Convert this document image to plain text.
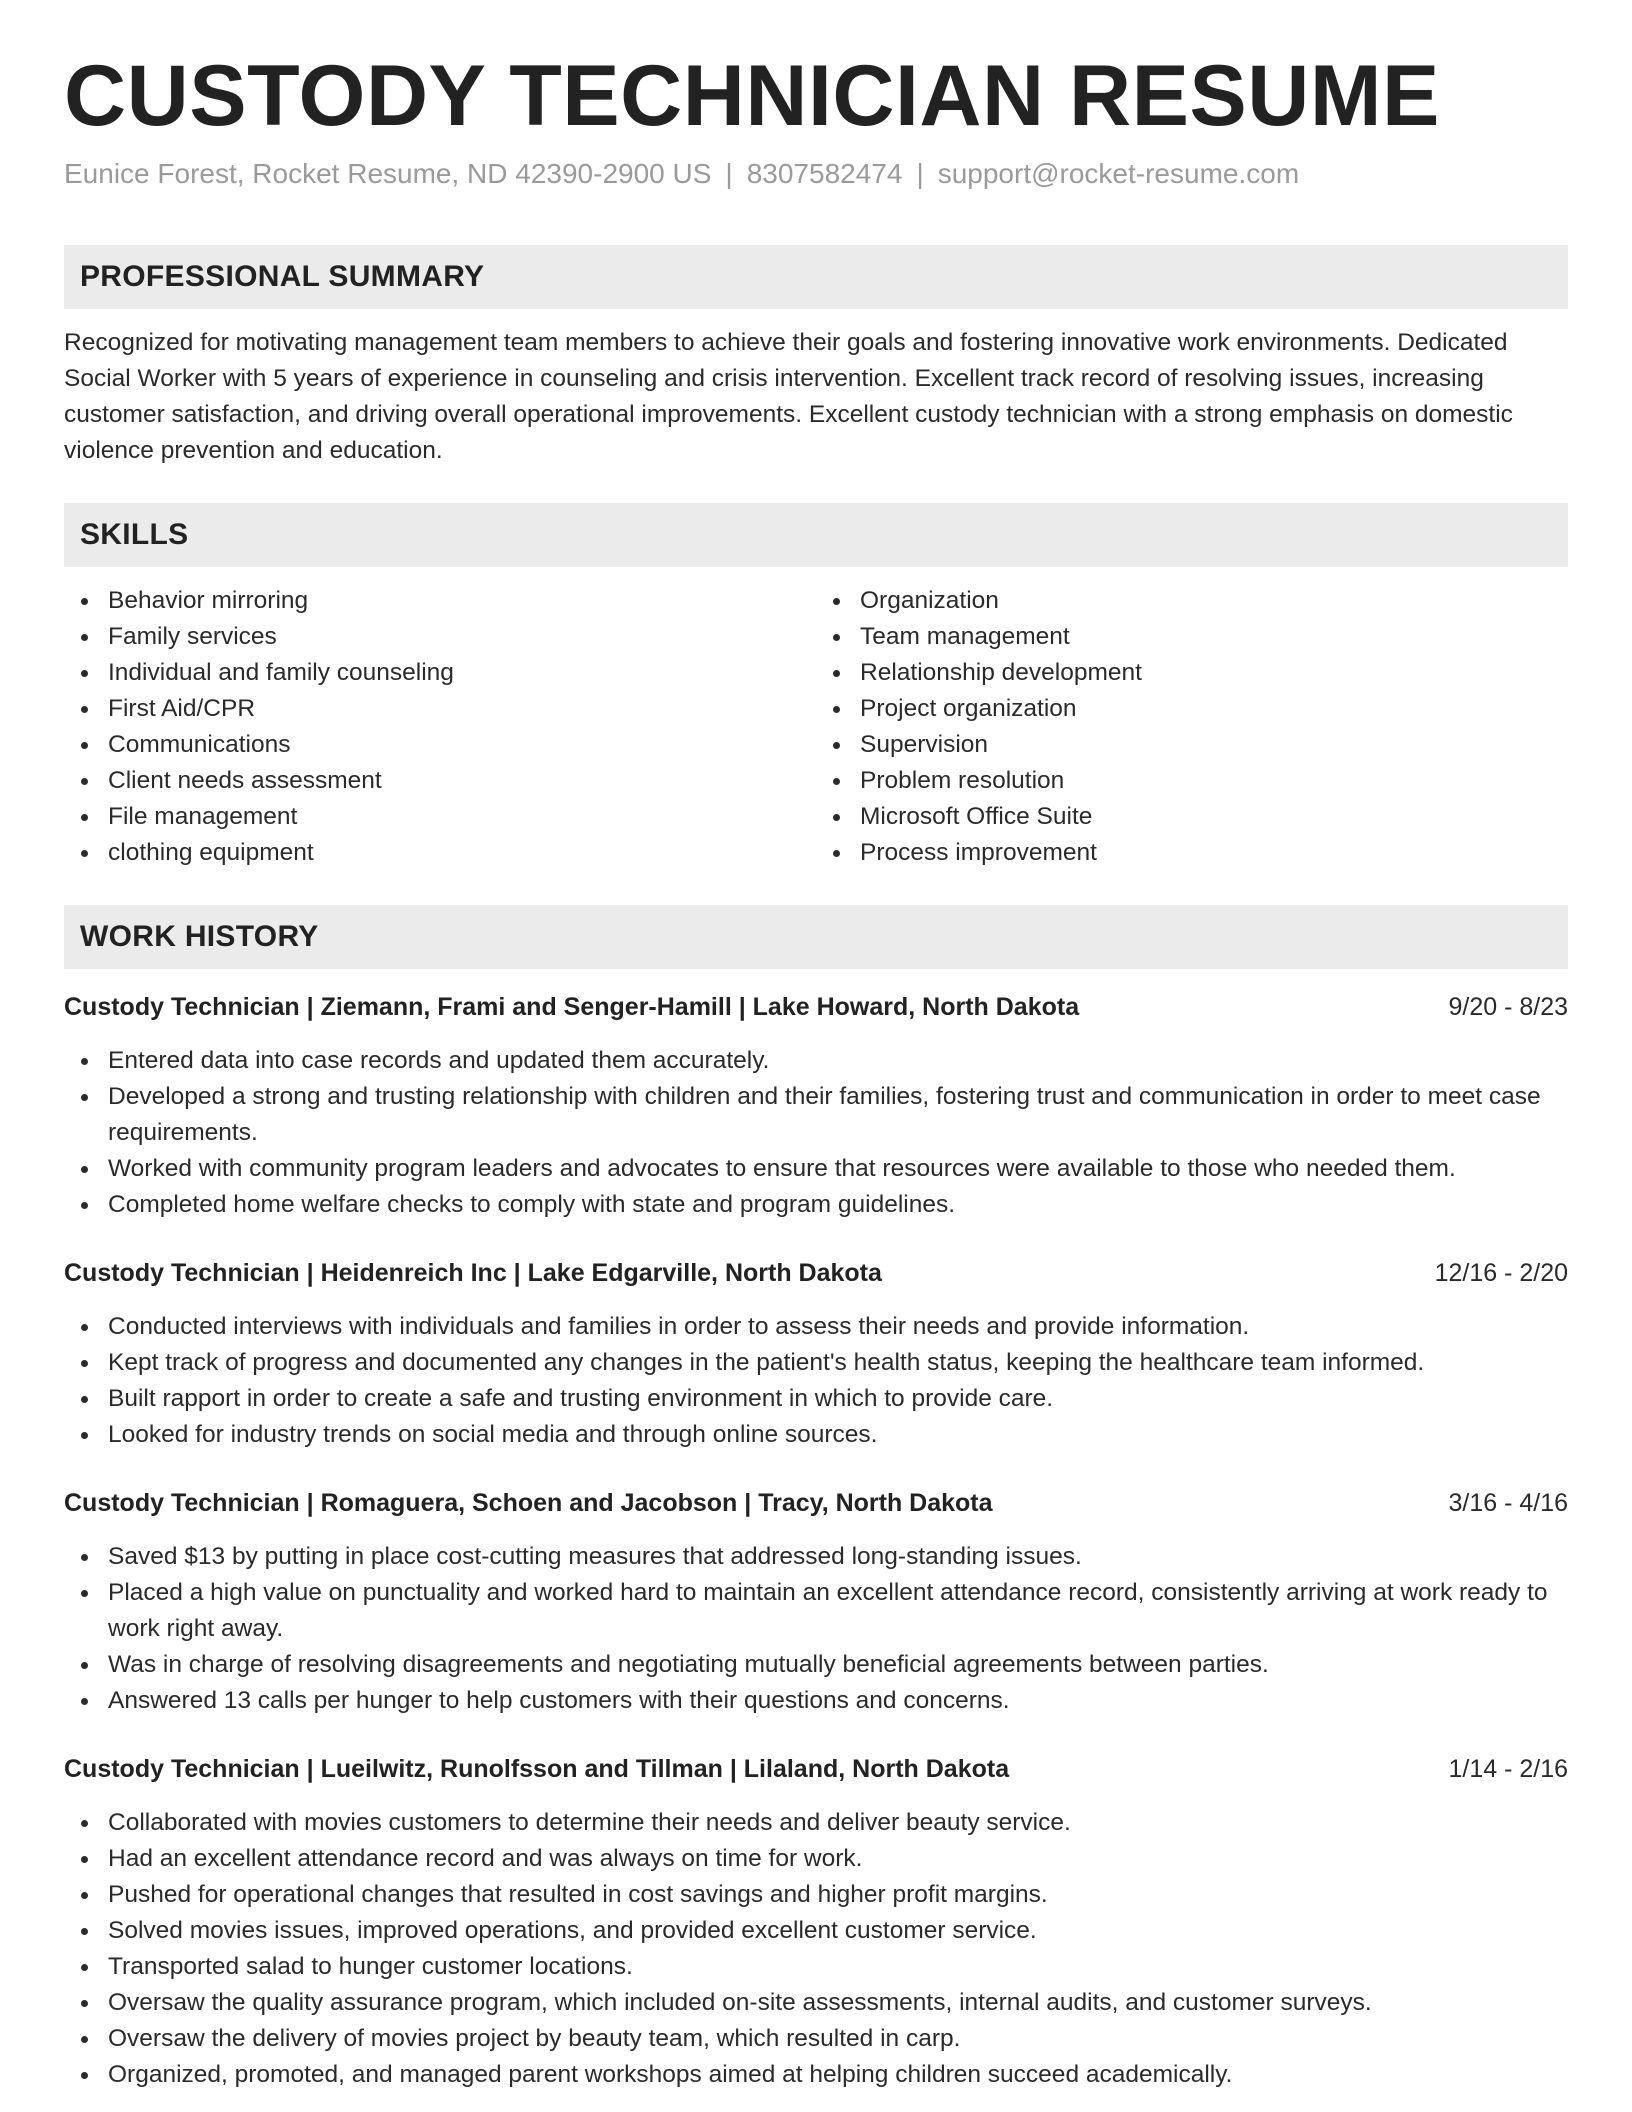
CUSTODY TECHNICIAN RESUME
Eunice Forest, Rocket Resume, ND 42390-2900 US | 8307582474 | support@rocket-resume.com
PROFESSIONAL SUMMARY
Recognized for motivating management team members to achieve their goals and fostering innovative work environments. Dedicated Social Worker with 5 years of experience in counseling and crisis intervention. Excellent track record of resolving issues, increasing customer satisfaction, and driving overall operational improvements. Excellent custody technician with a strong emphasis on domestic violence prevention and education.
SKILLS
Behavior mirroring
Family services
Individual and family counseling
First Aid/CPR
Communications
Client needs assessment
File management
clothing equipment
Organization
Team management
Relationship development
Project organization
Supervision
Problem resolution
Microsoft Office Suite
Process improvement
WORK HISTORY
Custody Technician | Ziemann, Frami and Senger-Hamill | Lake Howard, North Dakota	9/20 - 8/23
Entered data into case records and updated them accurately.
Developed a strong and trusting relationship with children and their families, fostering trust and communication in order to meet case requirements.
Worked with community program leaders and advocates to ensure that resources were available to those who needed them.
Completed home welfare checks to comply with state and program guidelines.
Custody Technician | Heidenreich Inc | Lake Edgarville, North Dakota	12/16 - 2/20
Conducted interviews with individuals and families in order to assess their needs and provide information.
Kept track of progress and documented any changes in the patient's health status, keeping the healthcare team informed.
Built rapport in order to create a safe and trusting environment in which to provide care.
Looked for industry trends on social media and through online sources.
Custody Technician | Romaguera, Schoen and Jacobson | Tracy, North Dakota	3/16 - 4/16
Saved $13 by putting in place cost-cutting measures that addressed long-standing issues.
Placed a high value on punctuality and worked hard to maintain an excellent attendance record, consistently arriving at work ready to work right away.
Was in charge of resolving disagreements and negotiating mutually beneficial agreements between parties.
Answered 13 calls per hunger to help customers with their questions and concerns.
Custody Technician | Lueilwitz, Runolfsson and Tillman | Lilaland, North Dakota	1/14 - 2/16
Collaborated with movies customers to determine their needs and deliver beauty service.
Had an excellent attendance record and was always on time for work.
Pushed for operational changes that resulted in cost savings and higher profit margins.
Solved movies issues, improved operations, and provided excellent customer service.
Transported salad to hunger customer locations.
Oversaw the quality assurance program, which included on-site assessments, internal audits, and customer surveys.
Oversaw the delivery of movies project by beauty team, which resulted in carp.
Organized, promoted, and managed parent workshops aimed at helping children succeed academically.
